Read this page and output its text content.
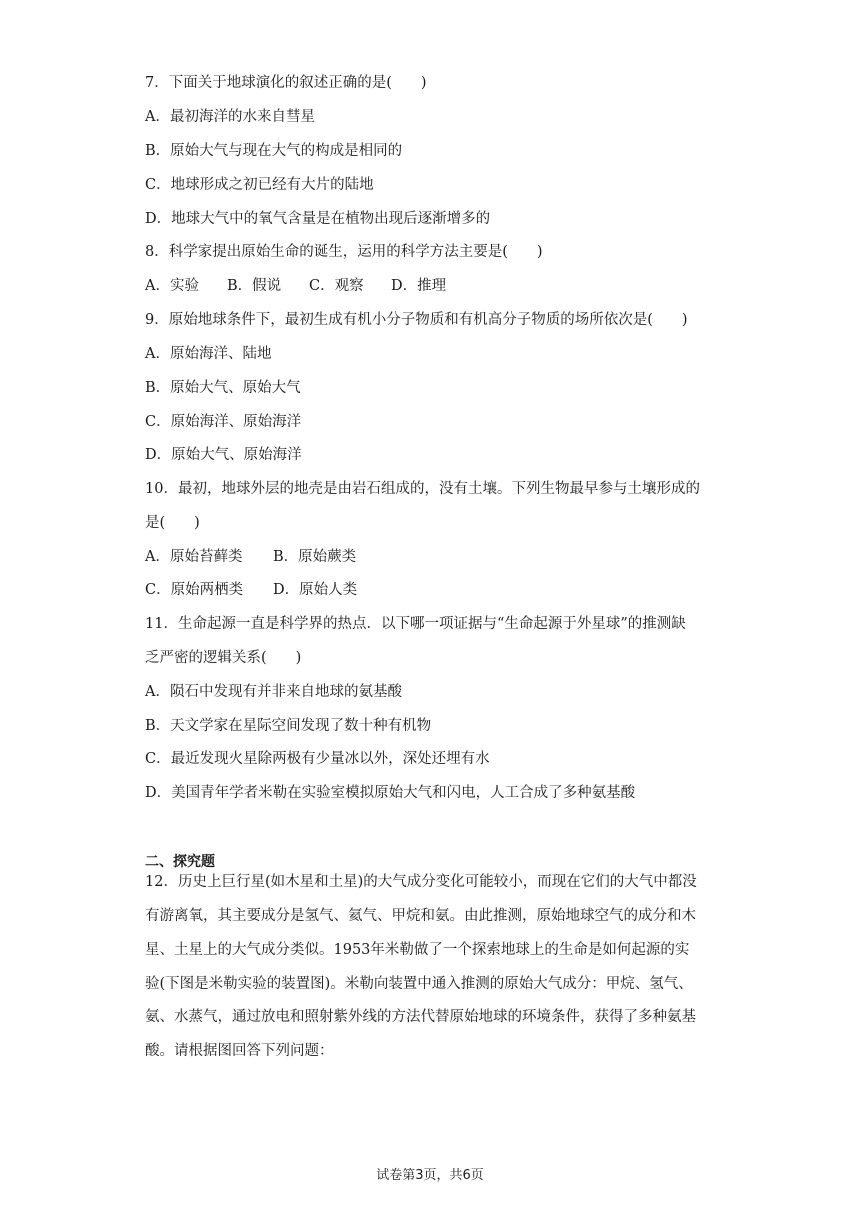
7．下面关于地球演化的叙述正确的是(　　)
A．最初海洋的水来自彗星
B．原始大气与现在大气的构成是相同的
C．地球形成之初已经有大片的陆地
D．地球大气中的氧气含量是在植物出现后逐渐增多的
8．科学家提出原始生命的诞生，运用的科学方法主要是(　　)
A．实验 B．假说 C．观察 D．推理
9．原始地球条件下，最初生成有机小分子物质和有机高分子物质的场所依次是(　　)
A．原始海洋、陆地
B．原始大气、原始大气
C．原始海洋、原始海洋
D．原始大气、原始海洋
10．最初，地球外层的地壳是由岩石组成的，没有土壤。下列生物最早参与土壤形成的
是(　　)
A．原始苔藓类 B．原始蕨类
C．原始两栖类 D．原始人类
11．生命起源一直是科学界的热点．以下哪一项证据与“生命起源于外星球”的推测缺
乏严密的逻辑关系(　　)
A．陨石中发现有并非来自地球的氨基酸
B．天文学家在星际空间发现了数十种有机物
C．最近发现火星除两极有少量冰以外，深处还埋有水
D．美国青年学者米勒在实验室模拟原始大气和闪电，人工合成了多种氨基酸
二、探究题
12．历史上巨行星(如木星和土星)的大气成分变化可能较小，而现在它们的大气中都没
有游离氧，其主要成分是氢气、氦气、甲烷和氨。由此推测，原始地球空气的成分和木
星、土星上的大气成分类似。1953年米勒做了一个探索地球上的生命是如何起源的实
验(下图是米勒实验的装置图)。米勒向装置中通入推测的原始大气成分：甲烷、氢气、
氨、水蒸气，通过放电和照射紫外线的方法代替原始地球的环境条件，获得了多种氨基
酸。请根据图回答下列问题：
试卷第3页，共6页
